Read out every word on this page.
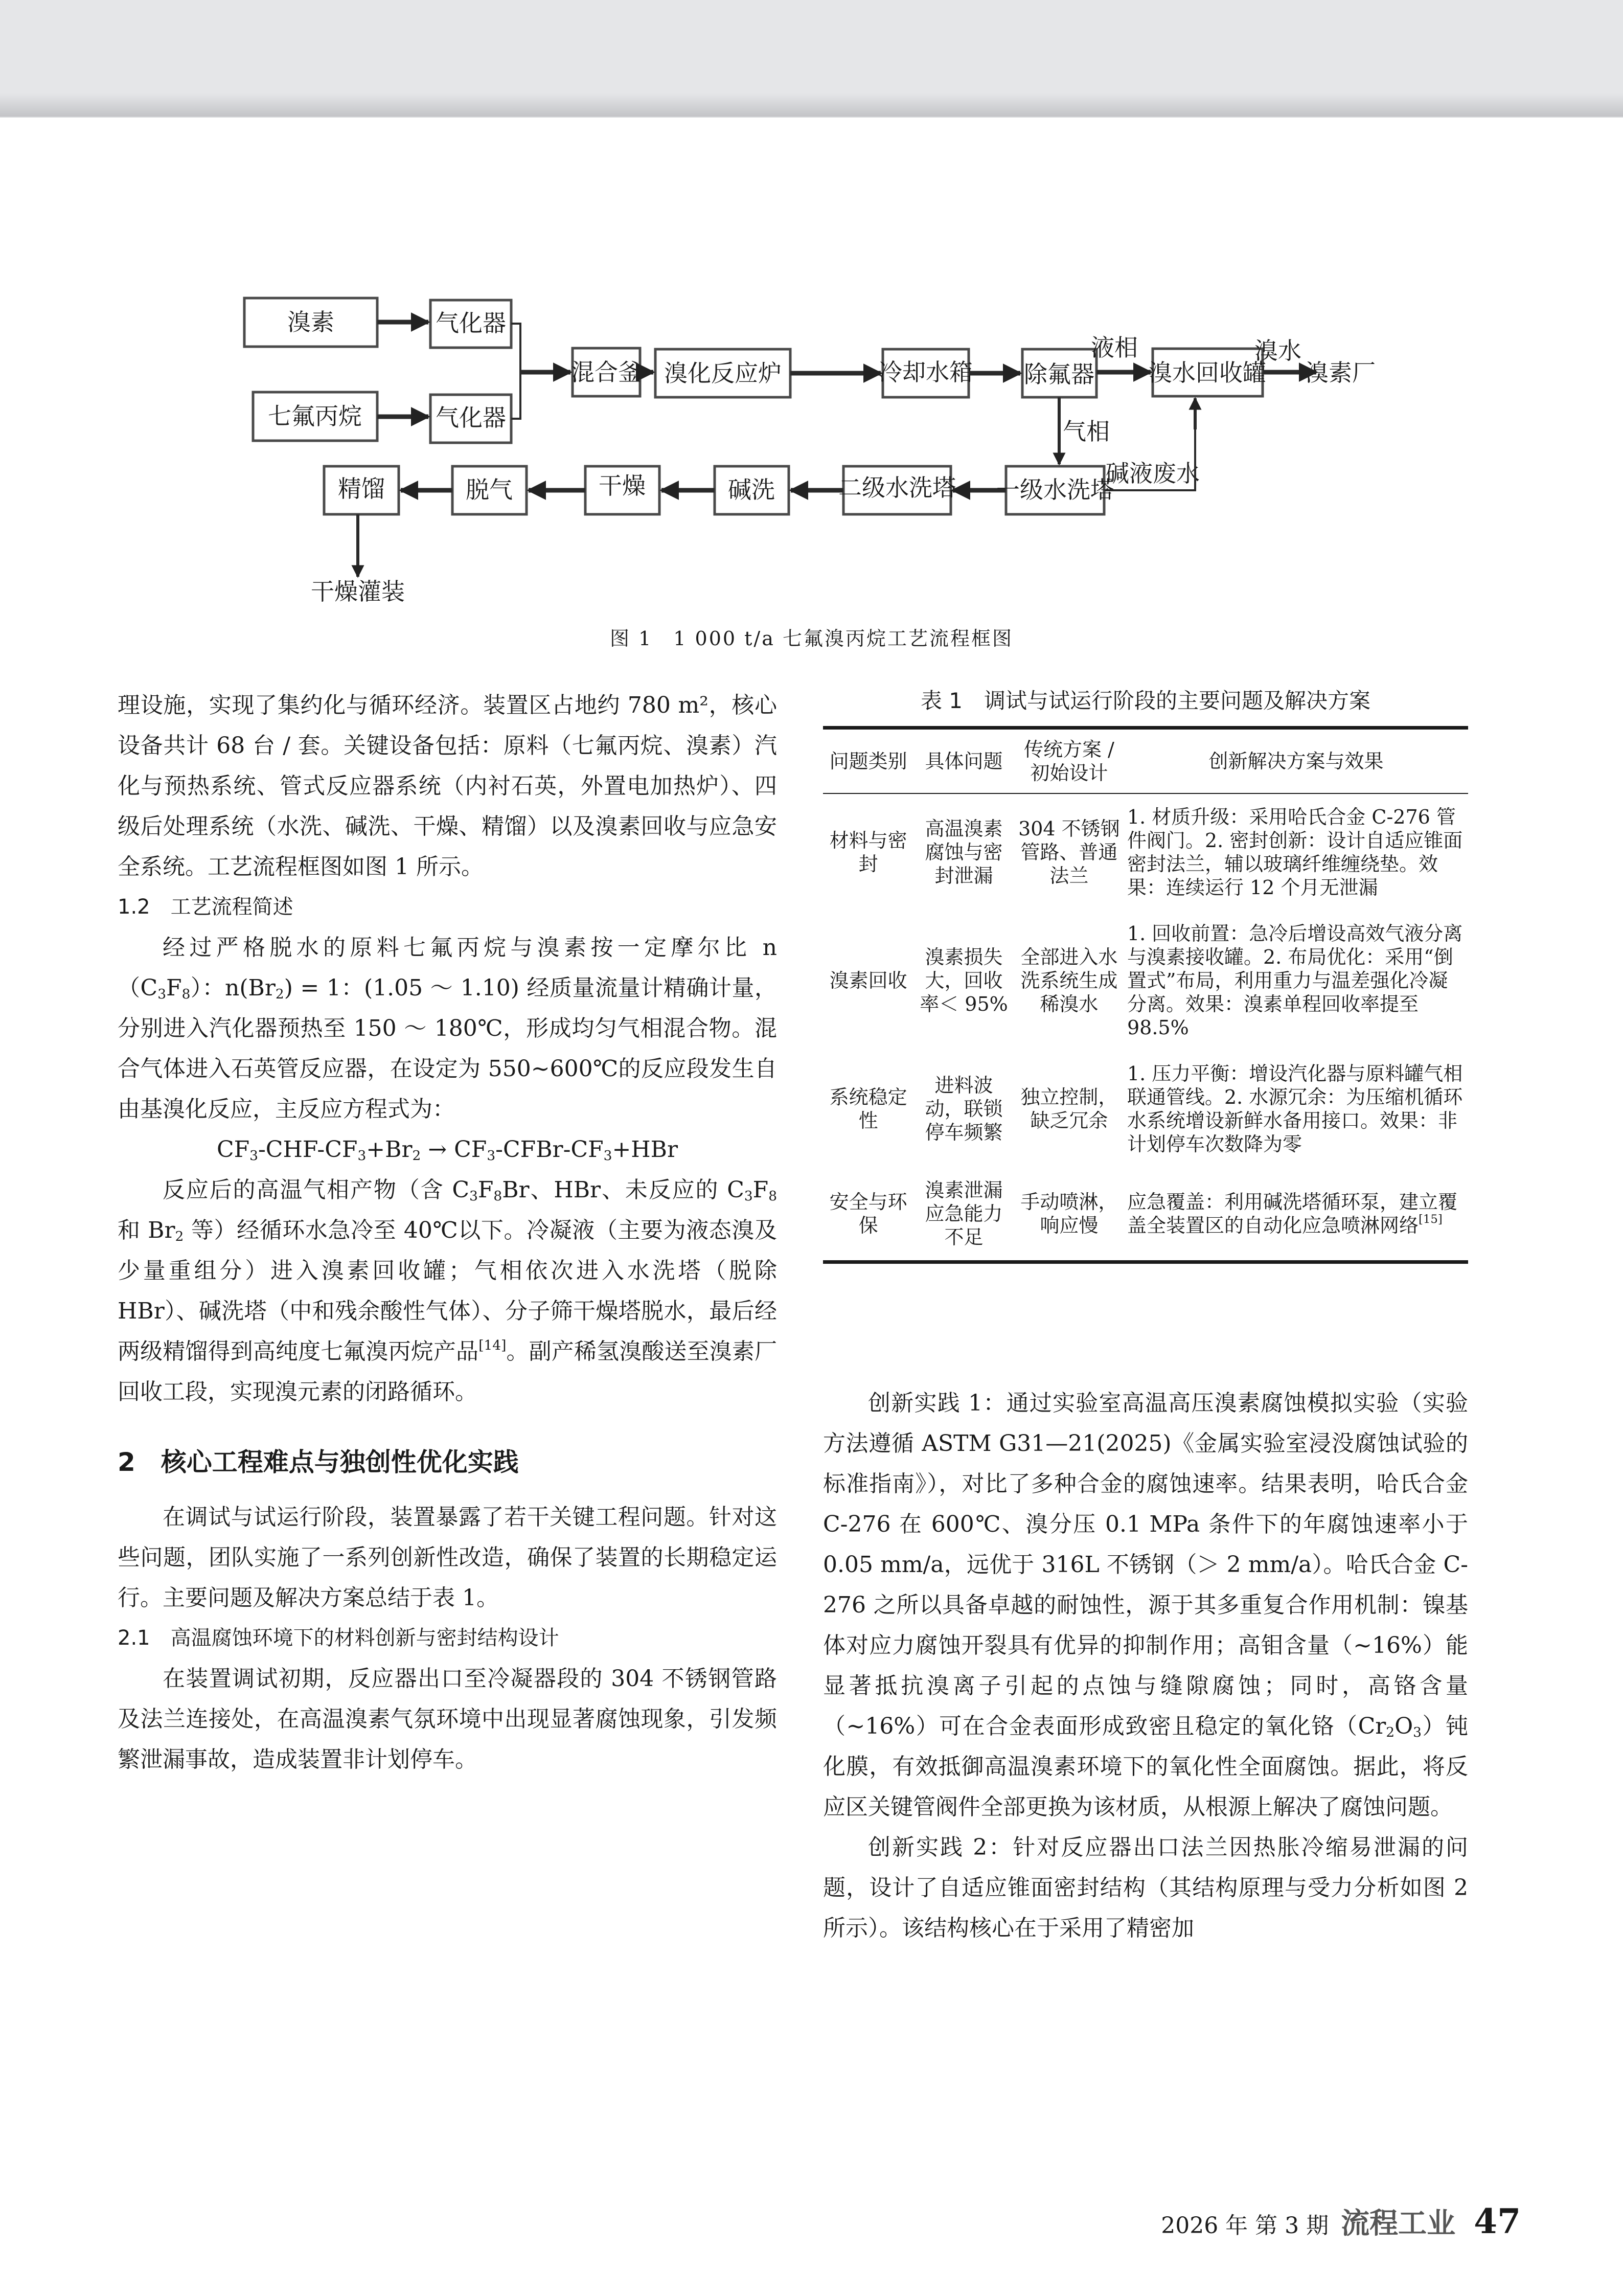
溴素	气化器
七氟丙烷	气化器
混合釜 溴化反应炉	冷却水箱 除氟器 溴水回收罐 溴素厂
精馏	脱气	干燥	碱洗	二级水洗塔 一级水洗塔
干燥灌装
液相	溴水
气相
碱液废水
图 1　1 000 t/a 七氟溴丙烷工艺流程框图

理设施，实现了集约化与循环经济。装置区占地约 780 m²，核心设备共计 68 台 / 套。关键设备包括：原料（七氟丙烷、溴素）汽化与预热系统、管式反应器系统（内衬石英，外置电加热炉）、四级后处理系统（水洗、碱洗、干燥、精馏）以及溴素回收与应急安全系统。工艺流程框图如图 1 所示。

1.2　工艺流程简述

经过严格脱水的原料七氟丙烷与溴素按一定摩尔比 $n(C_3F_8)$：$n(Br_2) = 1$：(1.05 ～ 1.10) 经质量流量计精确计量，分别进入汽化器预热至 150 ～ 180℃，形成均匀气相混合物。混合气体进入石英管反应器，在设定为 550~600℃的反应段发生自由基溴化反应，主反应方程式为：

$CF_3-CHF-CF_3+Br_2$ → $CF_3-CFBr-CF_3+HBr$

反应后的高温气相产物（含 $C_3F_8Br$、HBr、未反应的 $C_3F_8$ 和 $Br_2$ 等）经循环水急冷至 40℃以下。冷凝液（主要为液态溴及少量重组分）进入溴素回收罐；气相依次进入水洗塔（脱除 HBr）、碱洗塔（中和残余酸性气体）、分子筛干燥塔脱水，最后经两级精馏得到高纯度七氟溴丙烷产品[14]。副产稀氢溴酸送至溴素厂回收工段，实现溴元素的闭路循环。

2　核心工程难点与独创性优化实践

在调试与试运行阶段，装置暴露了若干关键工程问题。针对这些问题，团队实施了一系列创新性改造，确保了装置的长期稳定运行。主要问题及解决方案总结于表 1。

2.1　高温腐蚀环境下的材料创新与密封结构设计

在装置调试初期，反应器出口至冷凝器段的 304 不锈钢管路及法兰连接处，在高温溴素气氛环境中出现显著腐蚀现象，引发频繁泄漏事故，造成装置非计划停车。

表 1　调试与试运行阶段的主要问题及解决方案
问题类别	具体问题	传统方案 / 初始设计	创新解决方案与效果
材料与密封	高温溴素腐蚀与密封泄漏	304 不锈钢管路、普通法兰	1. 材质升级：采用哈氏合金 C-276 管件阀门。2. 密封创新：设计自适应锥面密封法兰，辅以玻璃纤维缠绕垫。效果：连续运行 12 个月无泄漏
溴素回收	溴素损失大，回收率＜ 95%	全部进入水洗系统生成稀溴水	1. 回收前置：急冷后增设高效气液分离与溴素接收罐。2. 布局优化：采用“倒置式”布局，利用重力与温差强化冷凝分离。效果：溴素单程回收率提至 98.5%
系统稳定性	进料波动，联锁停车频繁	独立控制，缺乏冗余	1. 压力平衡：增设汽化器与原料罐气相联通管线。2. 水源冗余：为压缩机循环水系统增设新鲜水备用接口。效果：非计划停车次数降为零
安全与环保	溴素泄漏应急能力不足	手动喷淋，响应慢	应急覆盖：利用碱洗塔循环泵，建立覆盖全装置区的自动化应急喷淋网络[15]

创新实践 1：通过实验室高温高压溴素腐蚀模拟实验（实验方法遵循 ASTM G31—21(2025)《金属实验室浸没腐蚀试验的标准指南》），对比了多种合金的腐蚀速率。结果表明，哈氏合金 C-276 在 600℃、溴分压 0.1 MPa 条件下的年腐蚀速率小于 0.05 mm/a，远优于 316L 不锈钢（＞ 2 mm/a）。哈氏合金 C-276 之所以具备卓越的耐蚀性，源于其多重复合作用机制：镍基体对应力腐蚀开裂具有优异的抑制作用；高钼含量（~16%）能显著抵抗溴离子引起的点蚀与缝隙腐蚀；同时，高铬含量（~16%）可在合金表面形成致密且稳定的氧化铬$(Cr_2O_3)$钝化膜，有效抵御高温溴素环境下的氧化性全面腐蚀。据此，将反应区关键管阀件全部更换为该材质，从根源上解决了腐蚀问题。

创新实践 2：针对反应器出口法兰因热胀冷缩易泄漏的问题，设计了自适应锥面密封结构（其结构原理与受力分析如图 2 所示）。该结构核心在于采用了精密加

2026 年 第 3 期 流程工业 47
